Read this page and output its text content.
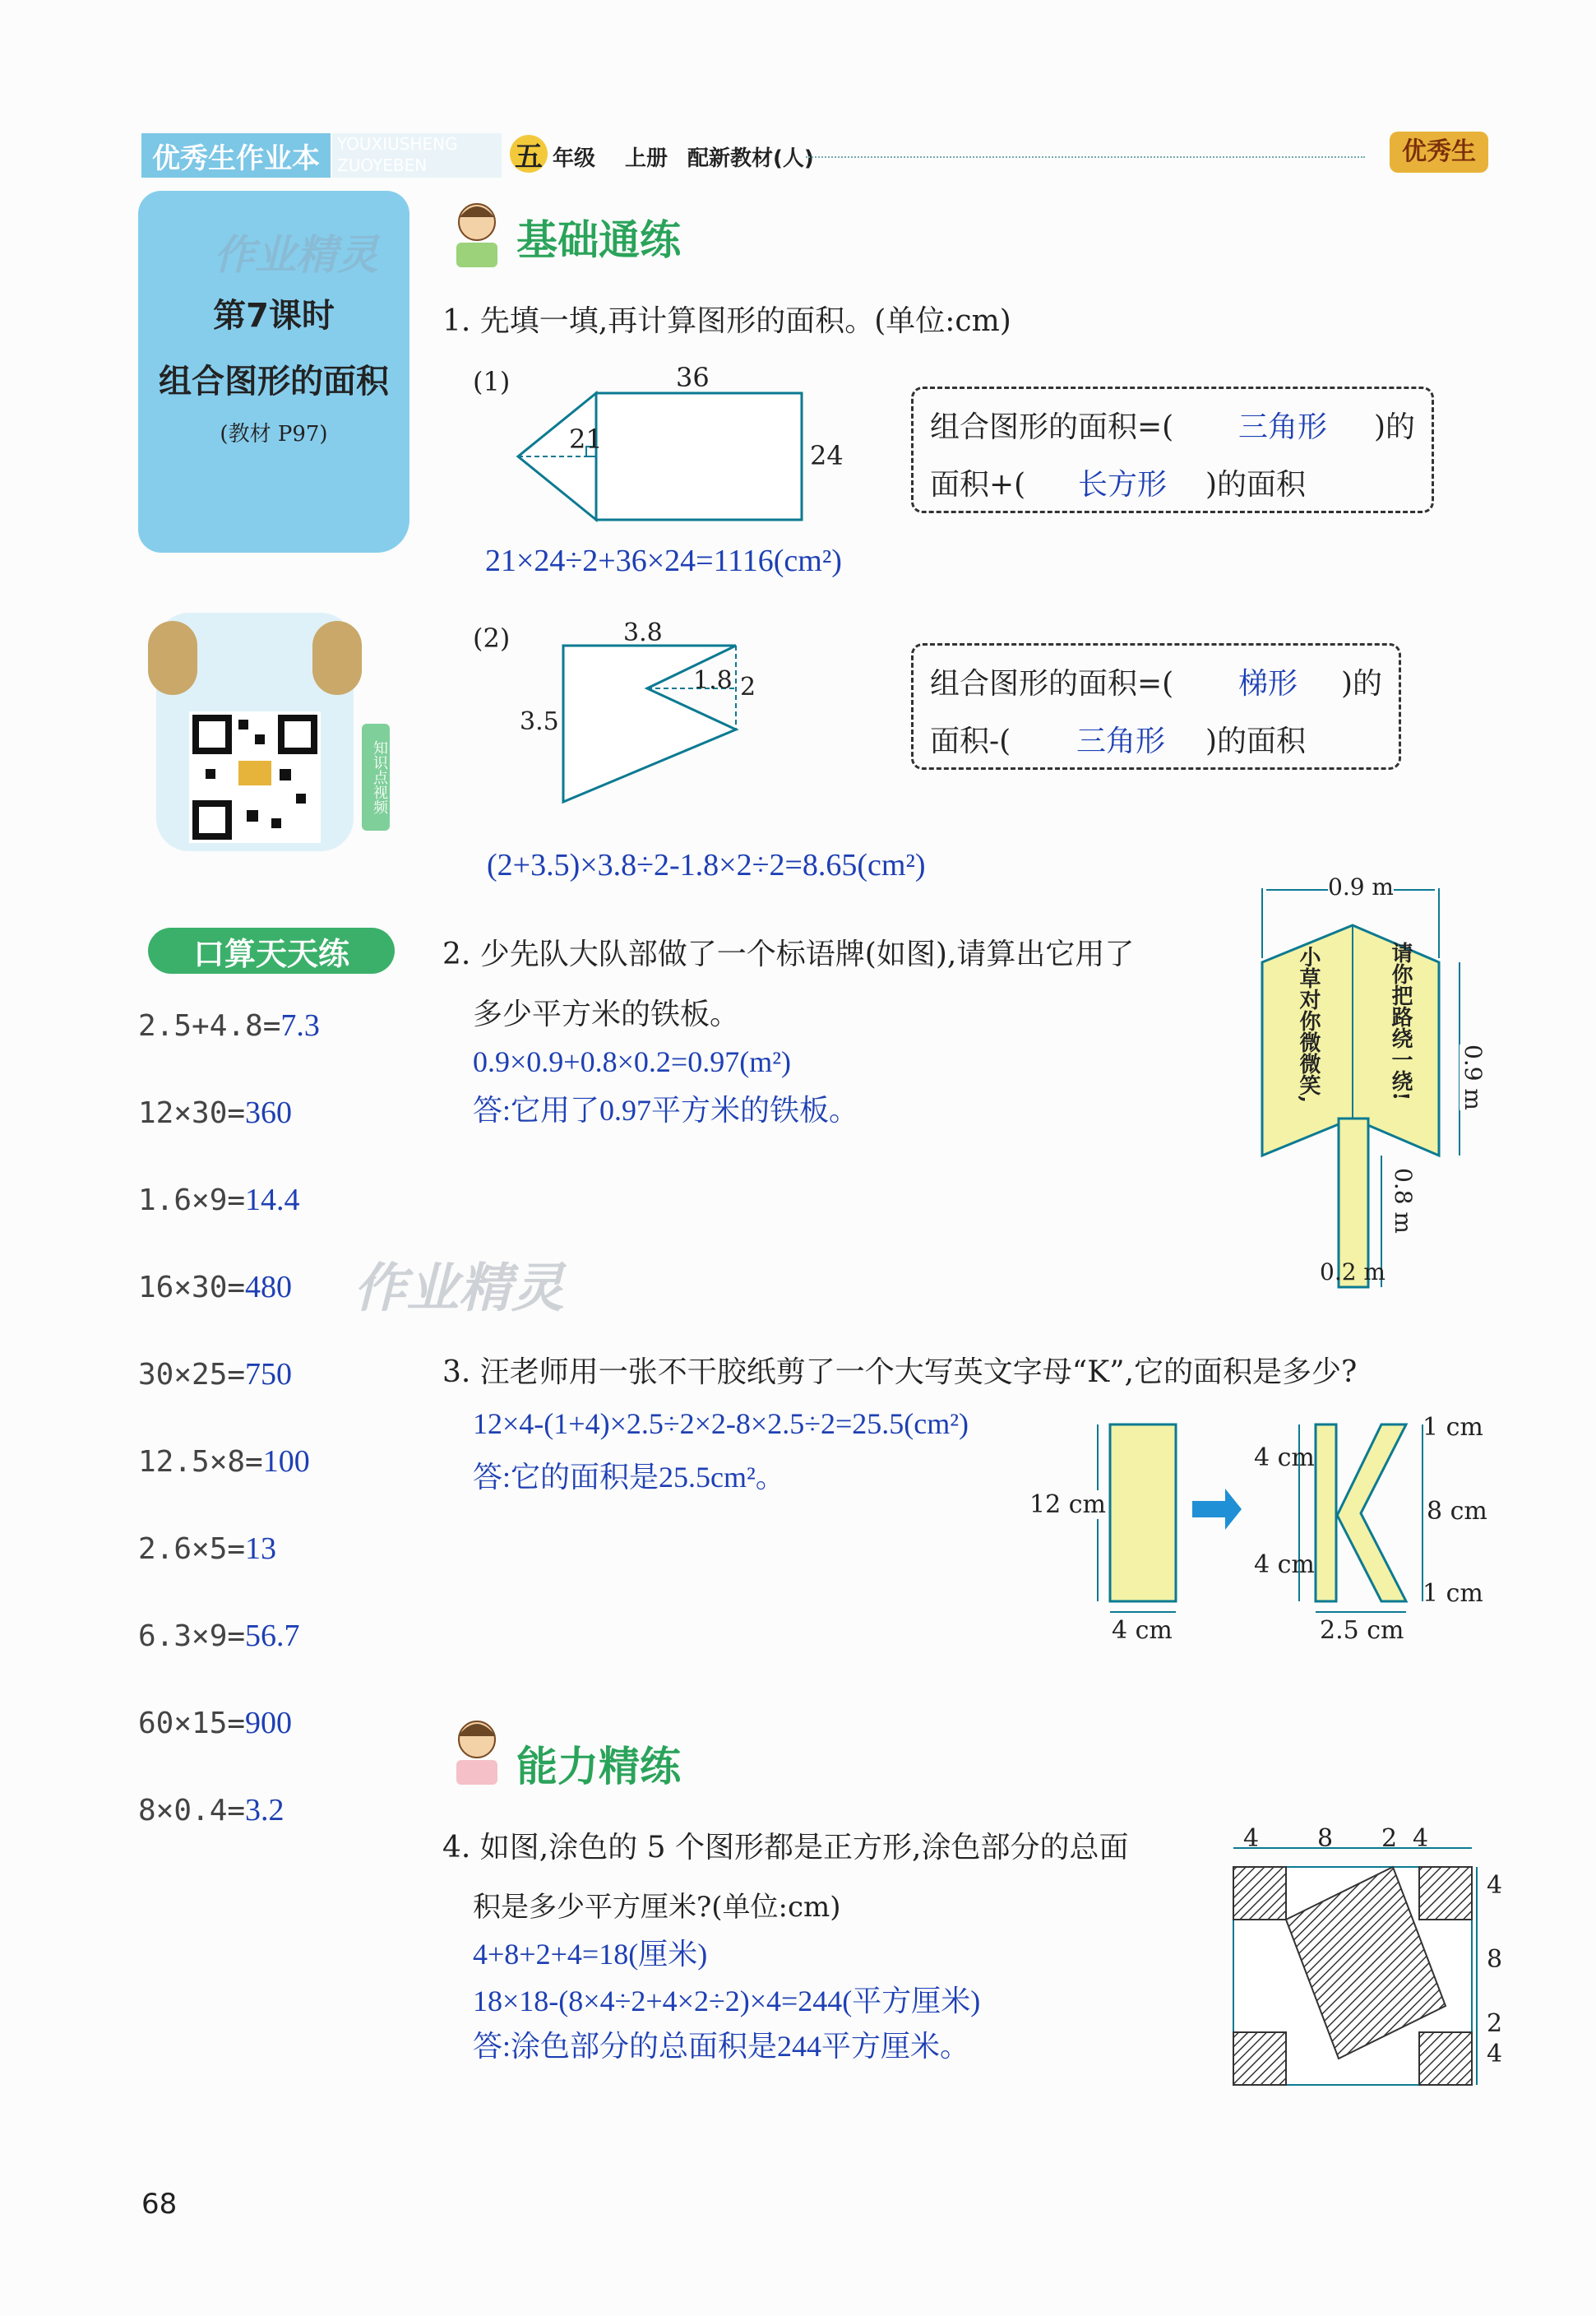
优秀生作业本	YOUXIUSHENG ZUOYEBEN	五 年级 上册 配新教材(人)	优秀生
第7课时
组合图形的面积
(教材 P97)
作业精灵	基础通练
1. 先填一填,再计算图形的面积。(单位:cm)
(1)	36
21
24
组合图形的面积=( 三角形 )的
面积+( 长方形 )的面积
21×24÷2+36×24=1116(cm²)
知识点视频
(2)	3.8
1.8 2
3.5
组合图形的面积=( 梯形 )的
面积-( 三角形 )的面积
(2+3.5)×3.8÷2-1.8×2÷2=8.65(cm²)
口算天天练
2.5+4.8=7.3
12×30=360
1.6×9=14.4
16×30=480
30×25=750
12.5×8=100
2.6×5=13
6.3×9=56.7
60×15=900
8×0.4=3.2
作业精灵
2. 少先队大队部做了一个标语牌(如图),请算出它用了
多少平方米的铁板。
0.9×0.9+0.8×0.2=0.97(m²)
答:它用了0.97平方米的铁板。
0.9 m
0.9 m
0.8 m
0.2 m
小草对你微微笑,	请你把路绕一绕!
3. 汪老师用一张不干胶纸剪了一个大写英文字母“K”,它的面积是多少?
12×4-(1+4)×2.5÷2×2-8×2.5÷2=25.5(cm²)
答:它的面积是25.5cm²。
12 cm
4 cm
4 cm
4 cm
1 cm
8 cm
1 cm
2.5 cm
能力精练
4. 如图,涂色的 5 个图形都是正方形,涂色部分的总面
积是多少平方厘米?(单位:cm)
4+8+2+4=18(厘米)
18×18-(8×4÷2+4×2÷2)×4=244(平方厘米)
答:涂色部分的总面积是244平方厘米。
4 8 2 4
4
8
2
4
68
